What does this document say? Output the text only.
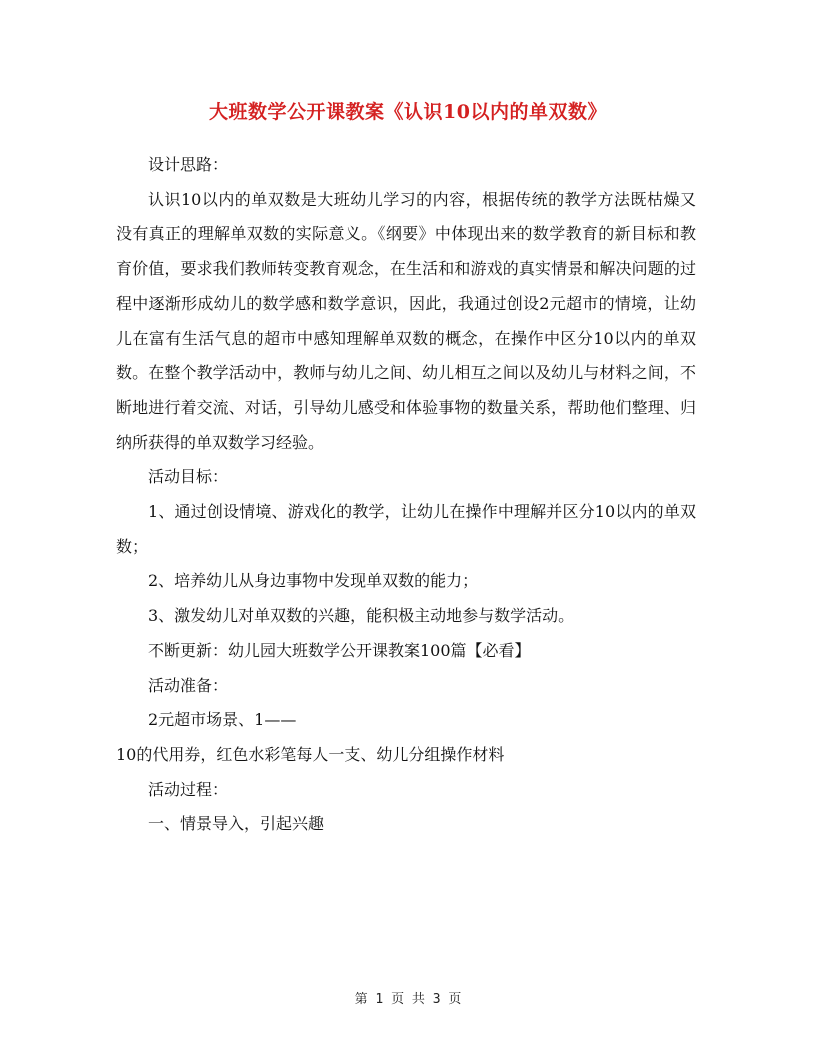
大班数学公开课教案《认识10以内的单双数》

设计思路：

认识10以内的单双数是大班幼儿学习的内容，根据传统的教学方法既枯燥又没有真正的理解单双数的实际意义。《纲要》中体现出来的数学教育的新目标和教育价值，要求我们教师转变教育观念，在生活和和游戏的真实情景和解决问题的过程中逐渐形成幼儿的数学感和数学意识，因此，我通过创设2元超市的情境，让幼儿在富有生活气息的超市中感知理解单双数的概念，在操作中区分10以内的单双数。在整个教学活动中，教师与幼儿之间、幼儿相互之间以及幼儿与材料之间，不断地进行着交流、对话，引导幼儿感受和体验事物的数量关系，帮助他们整理、归纳所获得的单双数学习经验。

活动目标：

1、通过创设情境、游戏化的教学，让幼儿在操作中理解并区分10以内的单双数；

2、培养幼儿从身边事物中发现单双数的能力；

3、激发幼儿对单双数的兴趣，能积极主动地参与数学活动。

不断更新：幼儿园大班数学公开课教案100篇【必看】

活动准备：

2元超市场景、1——

10的代用券，红色水彩笔每人一支、幼儿分组操作材料

活动过程：

一、情景导入，引起兴趣

第 1 页 共 3 页
